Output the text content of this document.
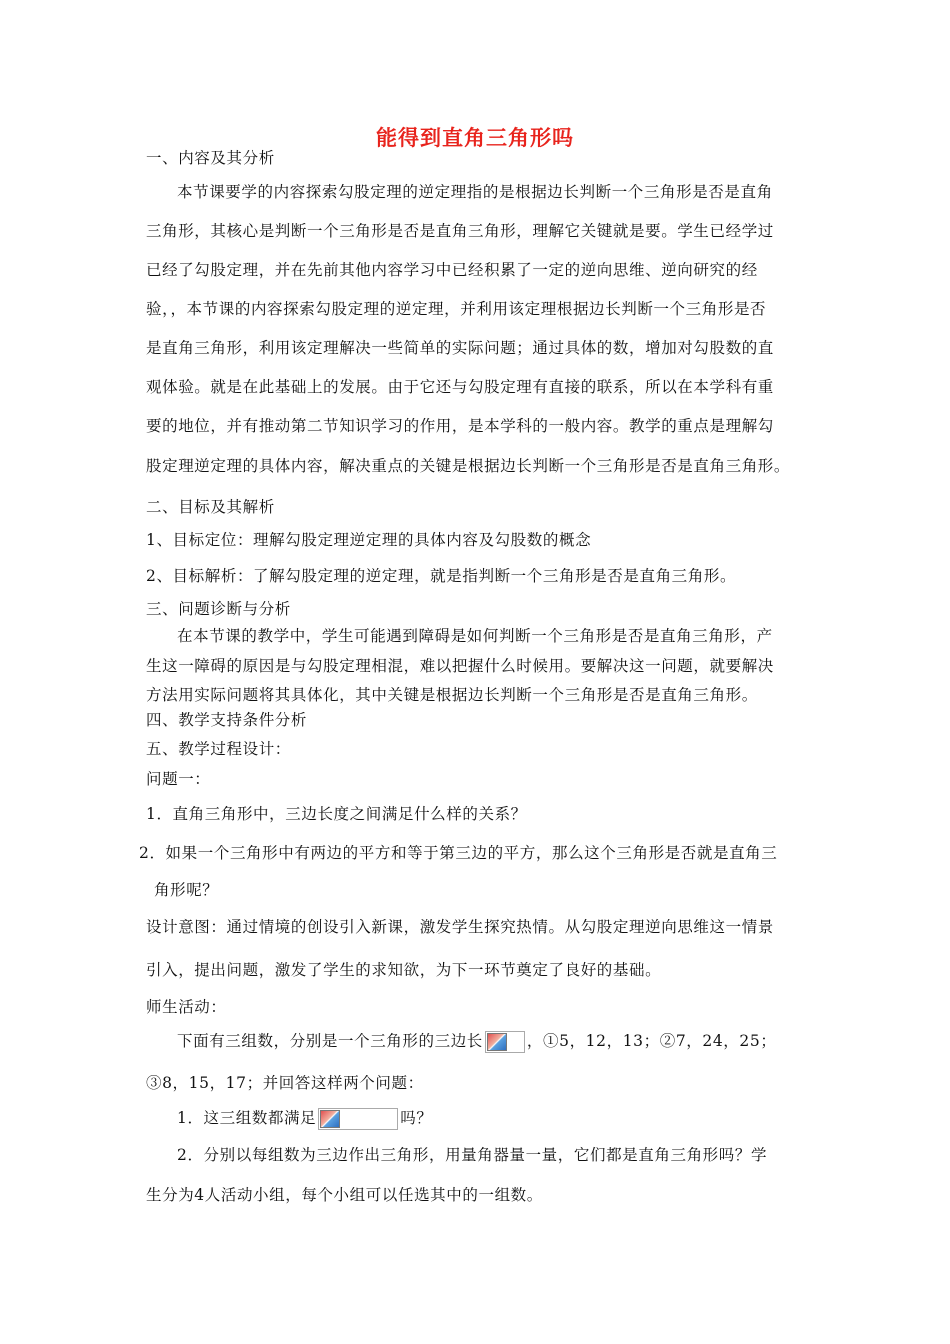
能得到直角三角形吗
一、内容及其分析
本节课要学的内容探索勾股定理的逆定理指的是根据边长判断一个三角形是否是直角
三角形，其核心是判断一个三角形是否是直角三角形，理解它关键就是要。学生已经学过
已经了勾股定理，并在先前其他内容学习中已经积累了一定的逆向思维、逆向研究的经
验，，本节课的内容探索勾股定理的逆定理，并利用该定理根据边长判断一个三角形是否
是直角三角形，利用该定理解决一些简单的实际问题；通过具体的数，增加对勾股数的直
观体验。就是在此基础上的发展。由于它还与勾股定理有直接的联系，所以在本学科有重
要的地位，并有推动第二节知识学习的作用，是本学科的一般内容。教学的重点是理解勾
股定理逆定理的具体内容，解决重点的关键是根据边长判断一个三角形是否是直角三角形。
二、目标及其解析
1、目标定位：理解勾股定理逆定理的具体内容及勾股数的概念
2、目标解析：了解勾股定理的逆定理，就是指判断一个三角形是否是直角三角形。
三、问题诊断与分析
在本节课的教学中，学生可能遇到障碍是如何判断一个三角形是否是直角三角形，产
生这一障碍的原因是与勾股定理相混，难以把握什么时候用。要解决这一问题，就要解决
方法用实际问题将其具体化，其中关键是根据边长判断一个三角形是否是直角三角形。
四、教学支持条件分析
五、教学过程设计：
问题一：
1．直角三角形中，三边长度之间满足什么样的关系？
2．如果一个三角形中有两边的平方和等于第三边的平方，那么这个三角形是否就是直角三
角形呢？
设计意图：通过情境的创设引入新课，激发学生探究热情。从勾股定理逆向思维这一情景
引入，提出问题，激发了学生的求知欲，为下一环节奠定了良好的基础。
师生活动：
下面有三组数，分别是一个三角形的三边长	，①5，12，13；②7，24，25；
③8，15，17；并回答这样两个问题：
1．这三组数都满足	吗？
2．分别以每组数为三边作出三角形，用量角器量一量，它们都是直角三角形吗？学
生分为4人活动小组，每个小组可以任选其中的一组数。
